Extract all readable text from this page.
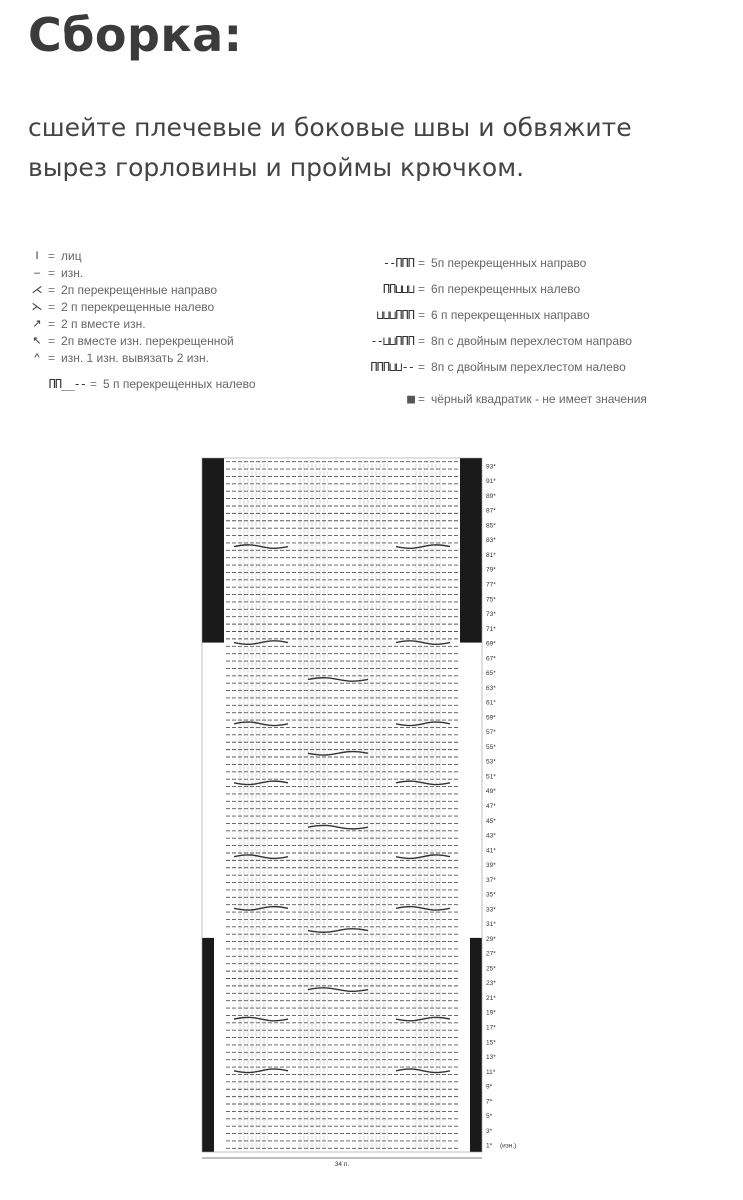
Сборка:
сшейте плечевые и боковые швы и обвяжите вырез горловины и проймы крючком.
I = лиц
– = изн.
⋌ = 2п перекрещенные направо
⋋ = 2 п перекрещенные налево
↗ = 2 п вместе изн.
↖ = 2п вместе изн. перекрещенной
^ = изн. 1 изн. вывязать 2 изн.
ΠΠ__-- = 5 п перекрещенных налево
--ΠΠΠ = 5п перекрещенных направо
ΠΠ⊔⊔⊔ = 6п перекрещенных налево
⊔⊔⊔ΠΠΠ = 6 п перекрещенных направо
--⊔⊔ΠΠΠ = 8п с двойным перехлестом направо
ΠΠΠ⊔⊔-- = 8п с двойным перехлестом налево
■ = чёрный квадратик - не имеет значения
93*
91*
89*
87*
85*
83*
81*
79*
77*
75*
73*
71*
69*
67*
65*
63*
61*
59*
57*
55*
53*
51*
49*
47*
45*
43*
41*
39*
37*
35*
33*
31*
29*
27*
25*
23*
21*
19*
17*
15*
13*
11*
9*
7*
5*
3*
1* (изн.)
34 п.
